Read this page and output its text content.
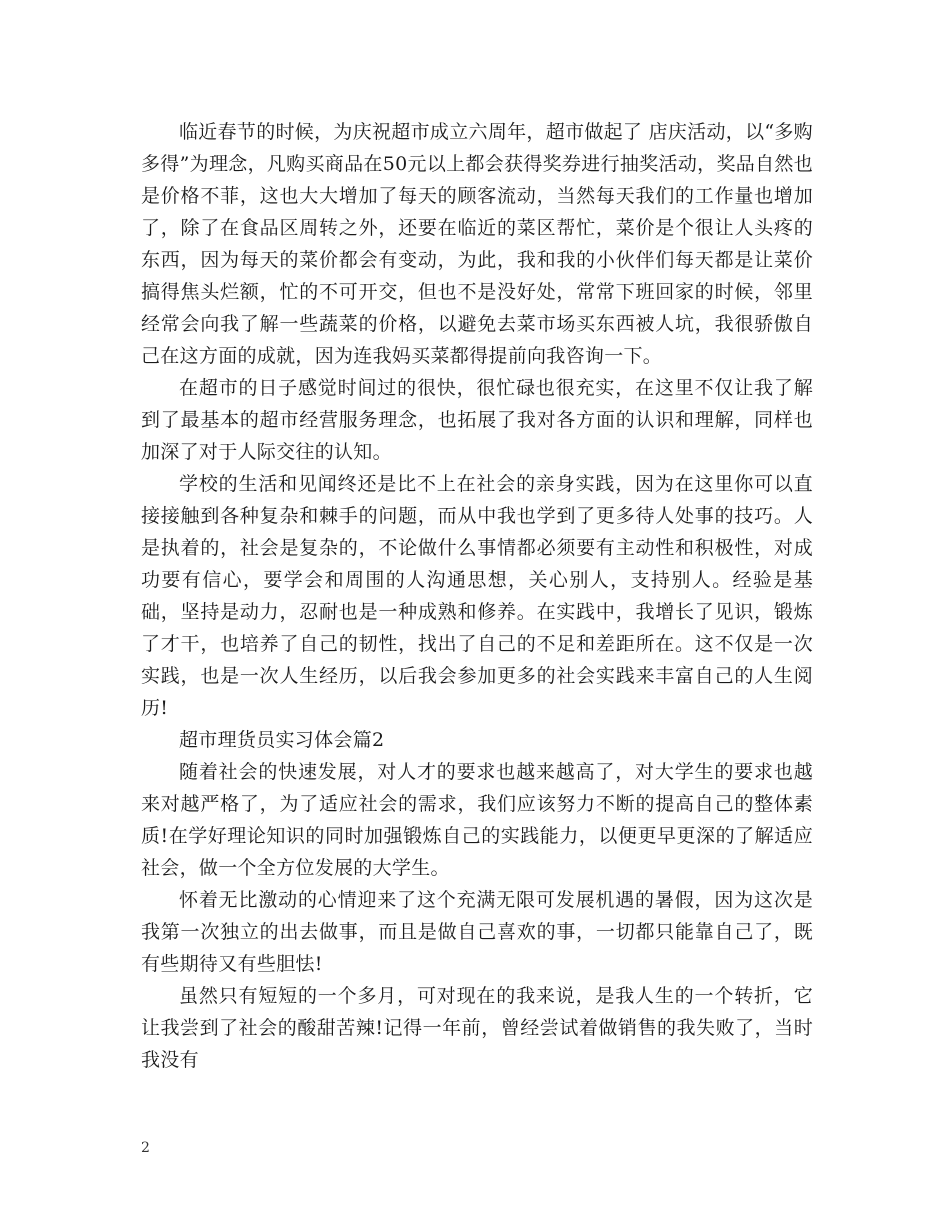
临近春节的时候，为庆祝超市成立六周年，超市做起了 店庆活动，以“多购多得”为理念，凡购买商品在50元以上都会获得奖券进行抽奖活动，奖品自然也是价格不菲，这也大大增加了每天的顾客流动，当然每天我们的工作量也增加了，除了在食品区周转之外，还要在临近的菜区帮忙，菜价是个很让人头疼的东西，因为每天的菜价都会有变动，为此，我和我的小伙伴们每天都是让菜价搞得焦头烂额，忙的不可开交，但也不是没好处，常常下班回家的时候，邻里经常会向我了解一些蔬菜的价格，以避免去菜市场买东西被人坑，我很骄傲自己在这方面的成就，因为连我妈买菜都得提前向我咨询一下。

在超市的日子感觉时间过的很快，很忙碌也很充实，在这里不仅让我了解到了最基本的超市经营服务理念，也拓展了我对各方面的认识和理解，同样也加深了对于人际交往的认知。

学校的生活和见闻终还是比不上在社会的亲身实践，因为在这里你可以直接接触到各种复杂和棘手的问题，而从中我也学到了更多待人处事的技巧。人是执着的，社会是复杂的，不论做什么事情都必须要有主动性和积极性，对成功要有信心，要学会和周围的人沟通思想，关心别人，支持别人。经验是基础，坚持是动力，忍耐也是一种成熟和修养。在实践中，我增长了见识，锻炼了才干，也培养了自己的韧性，找出了自己的不足和差距所在。这不仅是一次实践，也是一次人生经历，以后我会参加更多的社会实践来丰富自己的人生阅历!

超市理货员实习体会篇2

随着社会的快速发展，对人才的要求也越来越高了，对大学生的要求也越来对越严格了，为了适应社会的需求，我们应该努力不断的提高自己的整体素质!在学好理论知识的同时加强锻炼自己的实践能力，以便更早更深的了解适应社会，做一个全方位发展的大学生。

怀着无比激动的心情迎来了这个充满无限可发展机遇的暑假，因为这次是我第一次独立的出去做事，而且是做自己喜欢的事，一切都只能靠自己了，既有些期待又有些胆怯!

虽然只有短短的一个多月，可对现在的我来说，是我人生的一个转折，它让我尝到了社会的酸甜苦辣!记得一年前，曾经尝试着做销售的我失败了，当时我没有

2
